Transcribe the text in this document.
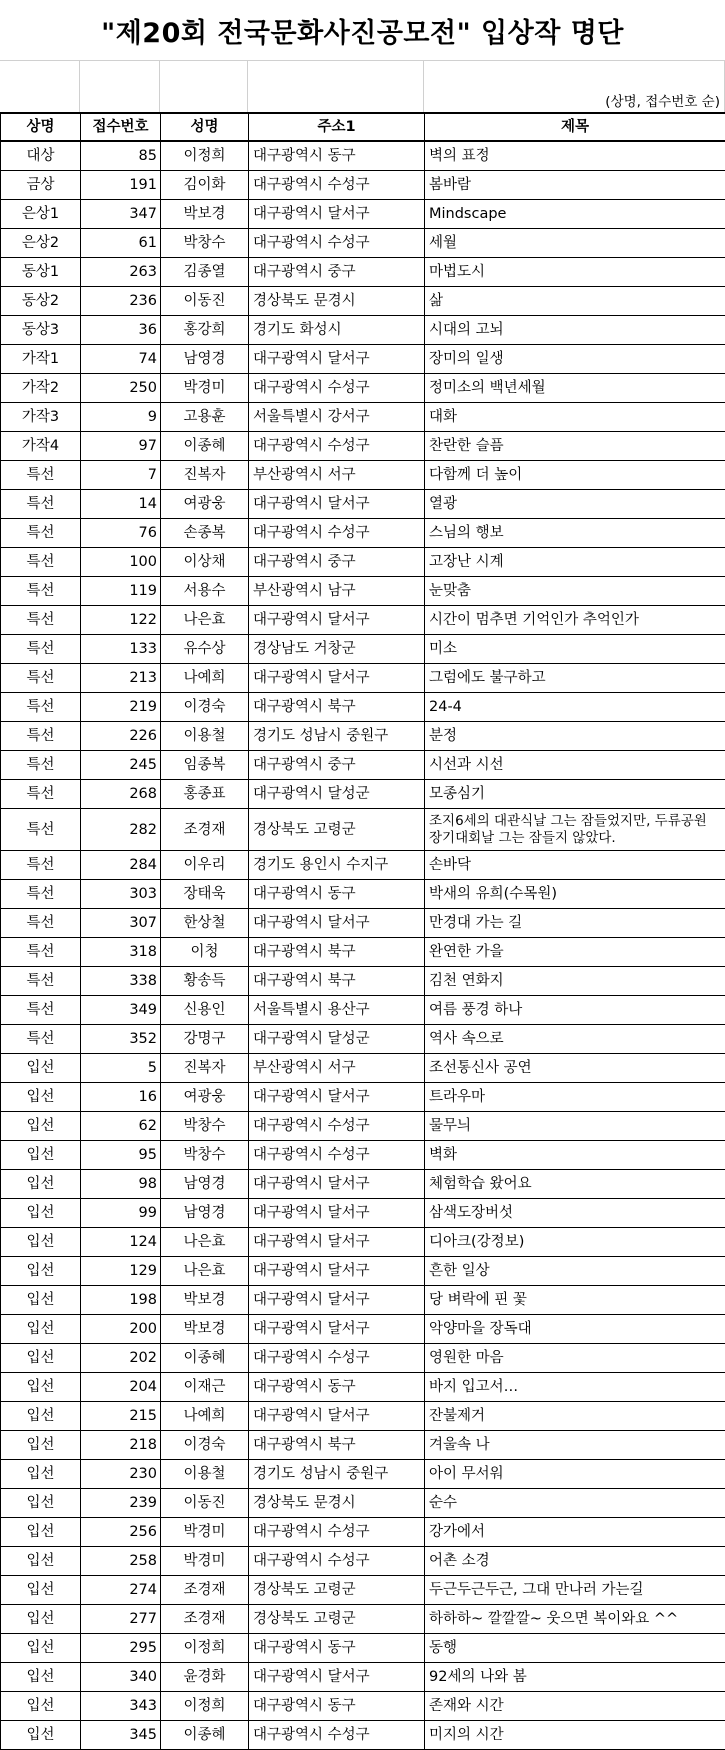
"제20회 전국문화사진공모전" 입상작 명단
(상명, 접수번호 순)
상명	접수번호	성명	주소1	제목
대상	85	이정희	대구광역시 동구	벽의 표정
금상	191	김이화	대구광역시 수성구	봄바람
은상1	347	박보경	대구광역시 달서구	Mindscape
은상2	61	박창수	대구광역시 수성구	세월
동상1	263	김종열	대구광역시 중구	마법도시
동상2	236	이동진	경상북도 문경시	삶
동상3	36	홍강희	경기도 화성시	시대의 고뇌
가작1	74	남영경	대구광역시 달서구	장미의 일생
가작2	250	박경미	대구광역시 수성구	정미소의 백년세월
가작3	9	고용훈	서울특별시 강서구	대화
가작4	97	이종혜	대구광역시 수성구	찬란한 슬픔
특선	7	진복자	부산광역시 서구	다함께 더 높이
특선	14	여광웅	대구광역시 달서구	열광
특선	76	손종복	대구광역시 수성구	스님의 행보
특선	100	이상채	대구광역시 중구	고장난 시계
특선	119	서용수	부산광역시 남구	눈맞춤
특선	122	나은효	대구광역시 달서구	시간이 멈추면 기억인가 추억인가
특선	133	유수상	경상남도 거창군	미소
특선	213	나예희	대구광역시 달서구	그럼에도 불구하고
특선	219	이경숙	대구광역시 북구	24-4
특선	226	이용철	경기도 성남시 중원구	분정
특선	245	임종복	대구광역시 중구	시선과 시선
특선	268	홍종표	대구광역시 달성군	모종심기
특선	282	조경재	경상북도 고령군	조지6세의 대관식날 그는 잠들었지만, 두류공원 장기대회날 그는 잠들지 않았다.
특선	284	이우리	경기도 용인시 수지구	손바닥
특선	303	장태욱	대구광역시 동구	박새의 유희(수목원)
특선	307	한상철	대구광역시 달서구	만경대 가는 길
특선	318	이청	대구광역시 북구	완연한 가을
특선	338	황송득	대구광역시 북구	김천 연화지
특선	349	신용인	서울특별시 용산구	여름 풍경 하나
특선	352	강명구	대구광역시 달성군	역사 속으로
입선	5	진복자	부산광역시 서구	조선통신사 공연
입선	16	여광웅	대구광역시 달서구	트라우마
입선	62	박창수	대구광역시 수성구	물무늬
입선	95	박창수	대구광역시 수성구	벽화
입선	98	남영경	대구광역시 달서구	체험학습 왔어요
입선	99	남영경	대구광역시 달서구	삼색도장버섯
입선	124	나은효	대구광역시 달서구	디아크(강정보)
입선	129	나은효	대구광역시 달서구	흔한 일상
입선	198	박보경	대구광역시 달서구	당 벼락에 핀 꽃
입선	200	박보경	대구광역시 달서구	악양마을 장독대
입선	202	이종혜	대구광역시 수성구	영원한 마음
입선	204	이재근	대구광역시 동구	바지 입고서…
입선	215	나예희	대구광역시 달서구	잔불제거
입선	218	이경숙	대구광역시 북구	겨울속 나
입선	230	이용철	경기도 성남시 중원구	아이 무서워
입선	239	이동진	경상북도 문경시	순수
입선	256	박경미	대구광역시 수성구	강가에서
입선	258	박경미	대구광역시 수성구	어촌 소경
입선	274	조경재	경상북도 고령군	두근두근두근, 그대 만나러 가는길
입선	277	조경재	경상북도 고령군	하하하~ 깔깔깔~ 웃으면 복이와요 ^^
입선	295	이정희	대구광역시 동구	동행
입선	340	윤경화	대구광역시 달서구	92세의 나와 봄
입선	343	이정희	대구광역시 동구	존재와 시간
입선	345	이종혜	대구광역시 수성구	미지의 시간
